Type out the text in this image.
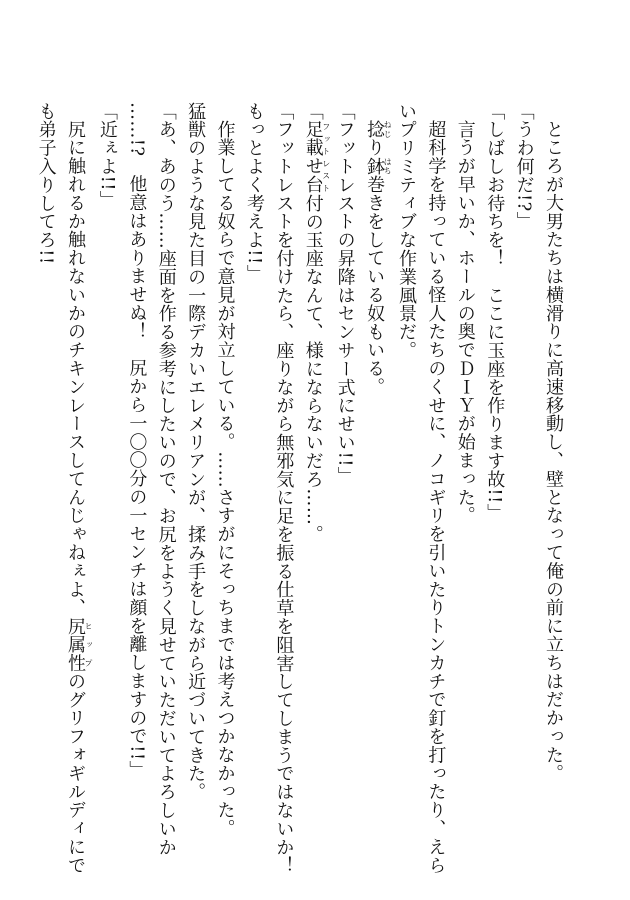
ところが大男たちは横滑りに高速移動し、壁となって俺の前に立ちはだかった。
「うわ何だ!?」
「しばしお待ちを！　ここに玉座を作ります故!!」
言うが早いか、ホールの奥でＤＩＹが始まった。
超科学を持っている怪人たちのくせに、ノコギリを引いたりトンカチで釘を打ったり、えら
いプリミティブな作業風景だ。
捻ねじり鉢はち巻きをしている奴もいる。
「フットレストの昇降はセンサー式にせい!!」
「足載せ台フットレスト付の玉座なんて、様にならないだろ……。
「フットレストを付けたら、座りながら無邪気に足を振る仕草を阻害してしまうではないか！
もっとよく考えよ!!」
作業してる奴らで意見が対立している。……さすがにそっちまでは考えつかなかった。
猛獣のような見た目の一際デカいエレメリアンが、揉み手をしながら近づいてきた。
「あ、あのう……座面を作る参考にしたいので、お尻をようく見せていただいてよろしいか
……!?　他意はありませぬ！　尻から一〇〇分の一センチは顔を離しますので!!」
「近ぇよ!!」
尻に触れるか触れないかのチキンレースしてんじゃねぇよ、尻属性ヒップのグリフォギルディにで
も弟子入りしてろ!!
